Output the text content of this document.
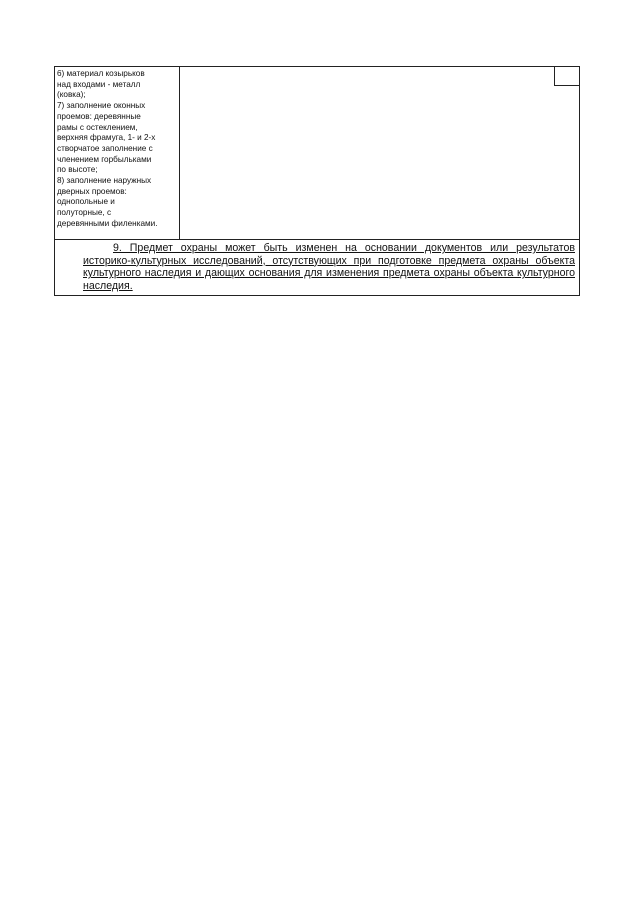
6) материал козырьков
над входами - металл
(ковка);

7) заполнение оконных
проемов: деревянные
рамы с остеклением,
верхняя фрамуга, 1- и 2-х
створчатое заполнение с
членением горбыльками
по высоте;

8) заполнение наружных
дверных проемов:
однопольные и
полуторные, с
деревянными филенками.

9. Предмет охраны может быть изменен на основании документов или результатов историко-культурных исследований, отсутствующих при подготовке предмета охраны объекта культурного наследия и дающих основания для изменения предмета охраны объекта культурного наследия.
